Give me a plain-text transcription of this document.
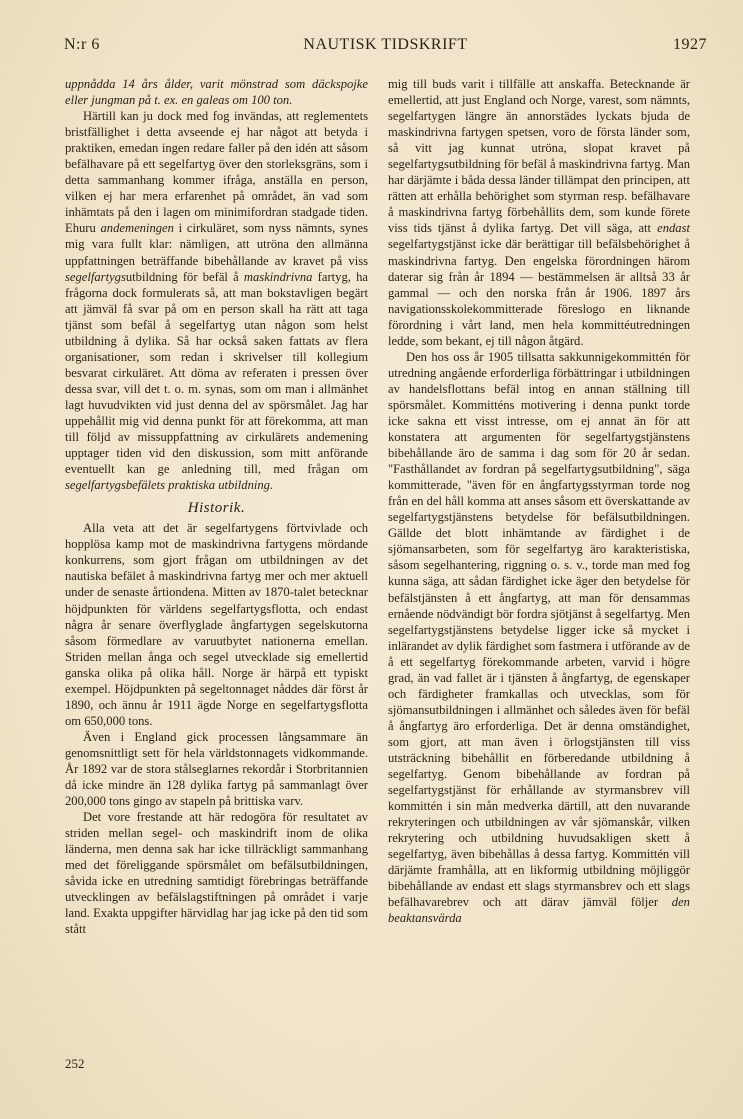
N:r 6	NAUTISK TIDSKRIFT	1927

uppnådda 14 års ålder, varit mönstrad som däckspojke eller jungman på t. ex. en galeas om 100 ton.

Härtill kan ju dock med fog invändas, att reglementets bristfällighet i detta avseende ej har något att betyda i praktiken, emedan ingen redare faller på den idén att såsom befälhavare på ett segelfartyg över den storleksgräns, som i detta sammanhang kommer ifråga, anställa en person, vilken ej har mera erfarenhet på området, än vad som inhämtats på den i lagen om minimifordran stadgade tiden. Ehuru andemeningen i cirkuläret, som nyss nämnts, synes mig vara fullt klar: nämligen, att utröna den allmänna uppfattningen beträffande bibehållande av kravet på viss segelfartygsutbildning för befäl å maskindrivna fartyg, ha frågorna dock formulerats så, att man bokstavligen begärt att jämväl få svar på om en person skall ha rätt att taga tjänst som befäl å segelfartyg utan någon som helst utbildning å dylika. Så har också saken fattats av flera organisationer, som redan i skrivelser till kollegium besvarat cirkuläret. Att döma av referaten i pressen över dessa svar, vill det t. o. m. synas, som om man i allmänhet lagt huvudvikten vid just denna del av spörsmålet. Jag har uppehållit mig vid denna punkt för att förekomma, att man till följd av missuppfattning av cirkulärets andemening upptager tiden vid den diskussion, som mitt anförande eventuellt kan ge anledning till, med frågan om segelfartygsbefälets praktiska utbildning.

Historik.

Alla veta att det är segelfartygens förtvivlade och hopplösa kamp mot de maskindrivna fartygens mördande konkurrens, som gjort frågan om utbildningen av det nautiska befälet å maskindrivna fartyg mer och mer aktuell under de senaste årtiondena. Mitten av 1870-talet betecknar höjdpunkten för världens segelfartygsflotta, och endast några år senare överflyglade ångfartygen segelskutorna såsom förmedlare av varuutbytet nationerna emellan. Striden mellan ånga och segel utvecklade sig emellertid ganska olika på olika håll. Norge är härpå ett typiskt exempel. Höjdpunkten på segeltonnaget nåddes där först år 1890, och ännu år 1911 ägde Norge en segelfartygsflotta om 650,000 tons.

Även i England gick processen långsammare än genomsnittligt sett för hela världstonnagets vidkommande. År 1892 var de stora stålseglarnes rekordår i Storbritannien då icke mindre än 128 dylika fartyg på sammanlagt över 200,000 tons gingo av stapeln på brittiska varv.

Det vore frestande att här redogöra för resultatet av striden mellan segel- och maskindrift inom de olika länderna, men denna sak har icke tillräckligt sammanhang med det föreliggande spörsmålet om befälsutbildningen, såvida icke en utredning samtidigt förebringas beträffande utvecklingen av befälslagstiftningen på området i varje land. Exakta uppgifter härvidlag har jag icke på den tid som stått

mig till buds varit i tillfälle att anskaffa. Betecknande är emellertid, att just England och Norge, varest, som nämnts, segelfartygen längre än annorstädes lyckats bjuda de maskindrivna fartygen spetsen, voro de första länder som, så vitt jag kunnat utröna, slopat kravet på segelfartygsutbildning för befäl å maskindrivna fartyg. Man har därjämte i båda dessa länder tillämpat den principen, att rätten att erhålla behörighet som styrman resp. befälhavare å maskindrivna fartyg förbehållits dem, som kunde förete viss tids tjänst å dylika fartyg. Det vill säga, att endast segelfartygstjänst icke där berättigar till befälsbehörighet å maskindrivna fartyg. Den engelska förordningen härom daterar sig från år 1894 — bestämmelsen är alltså 33 år gammal — och den norska från år 1906. 1897 års navigationsskolekommitterade föreslogo en liknande förordning i vårt land, men hela kommittéutredningen ledde, som bekant, ej till någon åtgärd.

Den hos oss år 1905 tillsatta sakkunnigekommittén för utredning angående erforderliga förbättringar i utbildningen av handelsflottans befäl intog en annan ställning till spörsmålet. Kommitténs motivering i denna punkt torde icke sakna ett visst intresse, om ej annat än för att konstatera att argumenten för segelfartygstjänstens bibehållande äro de samma i dag som för 20 år sedan. "Fasthållandet av fordran på segelfartygsutbildning", säga kommitterade, "även för en ångfartygsstyrman torde nog från en del håll komma att anses såsom ett överskattande av segelfartygstjänstens betydelse för befälsutbildningen. Gällde det blott inhämtande av färdighet i de sjömansarbeten, som för segelfartyg äro karakteristiska, såsom segelhantering, riggning o. s. v., torde man med fog kunna säga, att sådan färdighet icke äger den betydelse för befälstjänsten å ett ångfartyg, att man för densammas ernående nödvändigt bör fordra sjötjänst å segelfartyg. Men segelfartygstjänstens betydelse ligger icke så mycket i inlärandet av dylik färdighet som fastmera i utförande av de å ett segelfartyg förekommande arbeten, varvid i högre grad, än vad fallet är i tjänsten å ångfartyg, de egenskaper och färdigheter framkallas och utvecklas, som för sjömansutbildningen i allmänhet och således även för befäl å ångfartyg äro erforderliga. Det är denna omständighet, som gjort, att man även i örlogstjänsten till viss utsträckning bibehållit en förberedande utbildning å segelfartyg. Genom bibehållande av fordran på segelfartygstjänst för erhållande av styrmansbrev vill kommittén i sin mån medverka därtill, att den nuvarande rekryteringen och utbildningen av vår sjömanskår, vilken rekrytering och utbildning huvudsakligen skett å segelfartyg, även bibehållas å dessa fartyg. Kommittén vill därjämte framhålla, att en likformig utbildning möjliggör bibehållande av endast ett slags styrmansbrev och ett slags befälhavarebrev och att därav jämväl följer den beaktansvärda

252
